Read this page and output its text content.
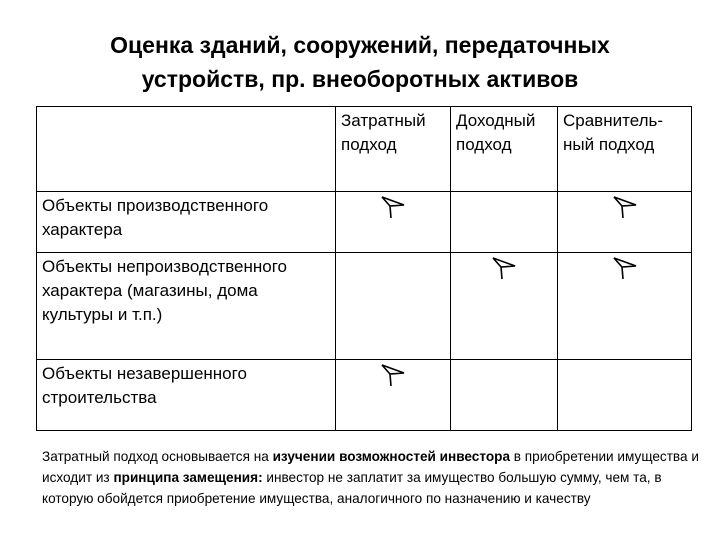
Оценка зданий, сооружений, передаточных
устройств, пр. внеоборотных активов
	Затратный подход	Доходный подход	Сравнитель-ный подход
Объекты производственного характера			
Объекты непроизводственного характера (магазины, дома культуры и т.п.)			
Объекты незавершенного строительства			
Затратный подход основывается на изучении возможностей инвестора в приобретении имущества и исходит из принципа замещения: инвестор не заплатит за имущество большую сумму, чем та, в которую обойдется приобретение имущества, аналогичного по назначению и качеству
